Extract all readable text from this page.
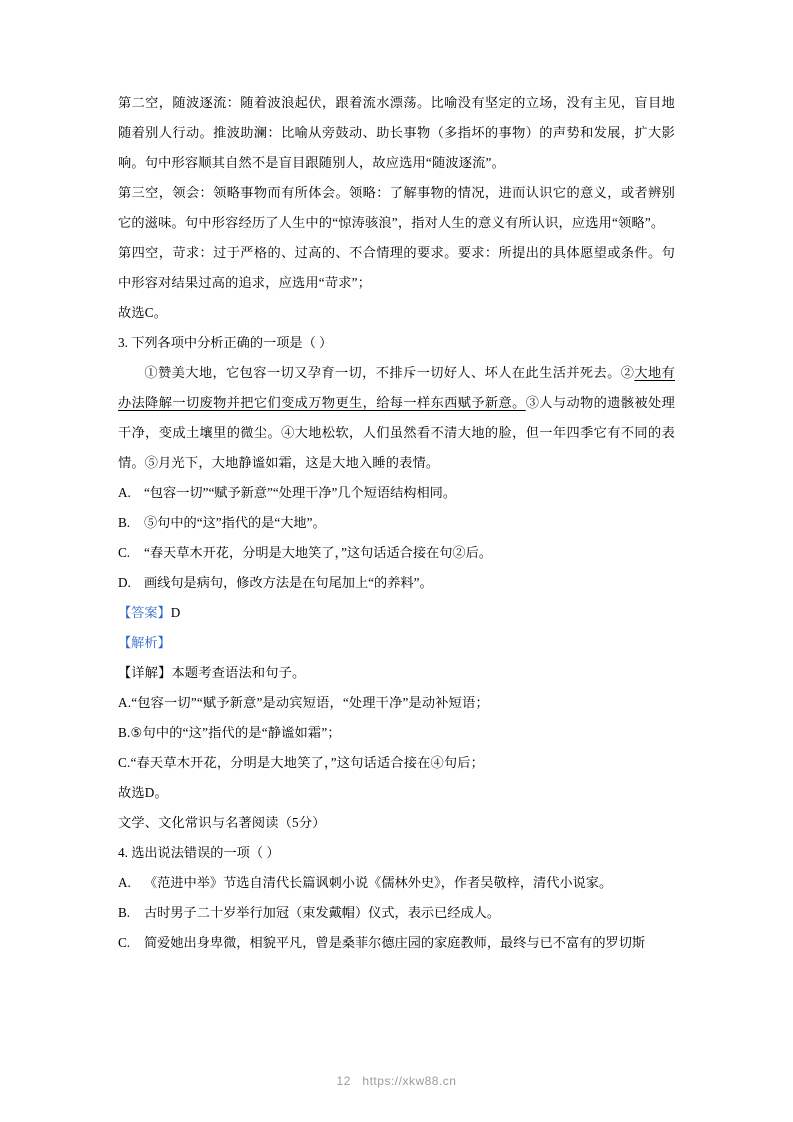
第二空，随波逐流：随着波浪起伏，跟着流水漂荡。比喻没有坚定的立场，没有主见，盲目地随着别人行动。推波助澜：比喻从旁鼓动、助长事物（多指坏的事物）的声势和发展，扩大影响。句中形容顺其自然不是盲目跟随别人，故应选用“随波逐流”。

第三空，领会：领略事物而有所体会。领略：了解事物的情况，进而认识它的意义，或者辨别它的滋味。句中形容经历了人生中的“惊涛骇浪”，指对人生的意义有所认识，应选用“领略”。

第四空，苛求：过于严格的、过高的、不合情理的要求。要求：所提出的具体愿望或条件。句中形容对结果过高的追求，应选用“苛求”；

故选C。

3. 下列各项中分析正确的一项是（ ）

①赞美大地，它包容一切又孕育一切，不排斥一切好人、坏人在此生活并死去。②大地有办法降解一切废物并把它们变成万物更生，给每一样东西赋予新意。③人与动物的遗骸被处理干净，变成土壤里的微尘。④大地松软，人们虽然看不清大地的脸，但一年四季它有不同的表情。⑤月光下，大地静谧如霜，这是大地入睡的表情。

A. “包容一切”“赋予新意”“处理干净”几个短语结构相同。
B.	⑤句中的“这”指代的是“大地”。
C.	“春天草木开花，分明是大地笑了，”这句话适合接在句②后。
D. 画线句是病句，修改方法是在句尾加上“的养料”。

【答案】D

【解析】

【详解】本题考查语法和句子。

A.“包容一切”“赋予新意”是动宾短语，“处理干净”是动补短语；

B.⑤句中的“这”指代的是“静谧如霜”；

C.“春天草木开花，分明是大地笑了，”这句话适合接在④句后；

故选D。

文学、文化常识与名著阅读（5分）

4. 选出说法错误的一项（ ）

A. 《范进中举》节选自清代长篇讽刺小说《儒林外史》，作者吴敬梓，清代小说家。
B.	古时男子二十岁举行加冠（束发戴帽）仪式，表示已经成人。
C.	简爱她出身卑微，相貌平凡，曾是桑菲尔德庄园的家庭教师，最终与已不富有的罗切斯
12 https://xkw88.cn
